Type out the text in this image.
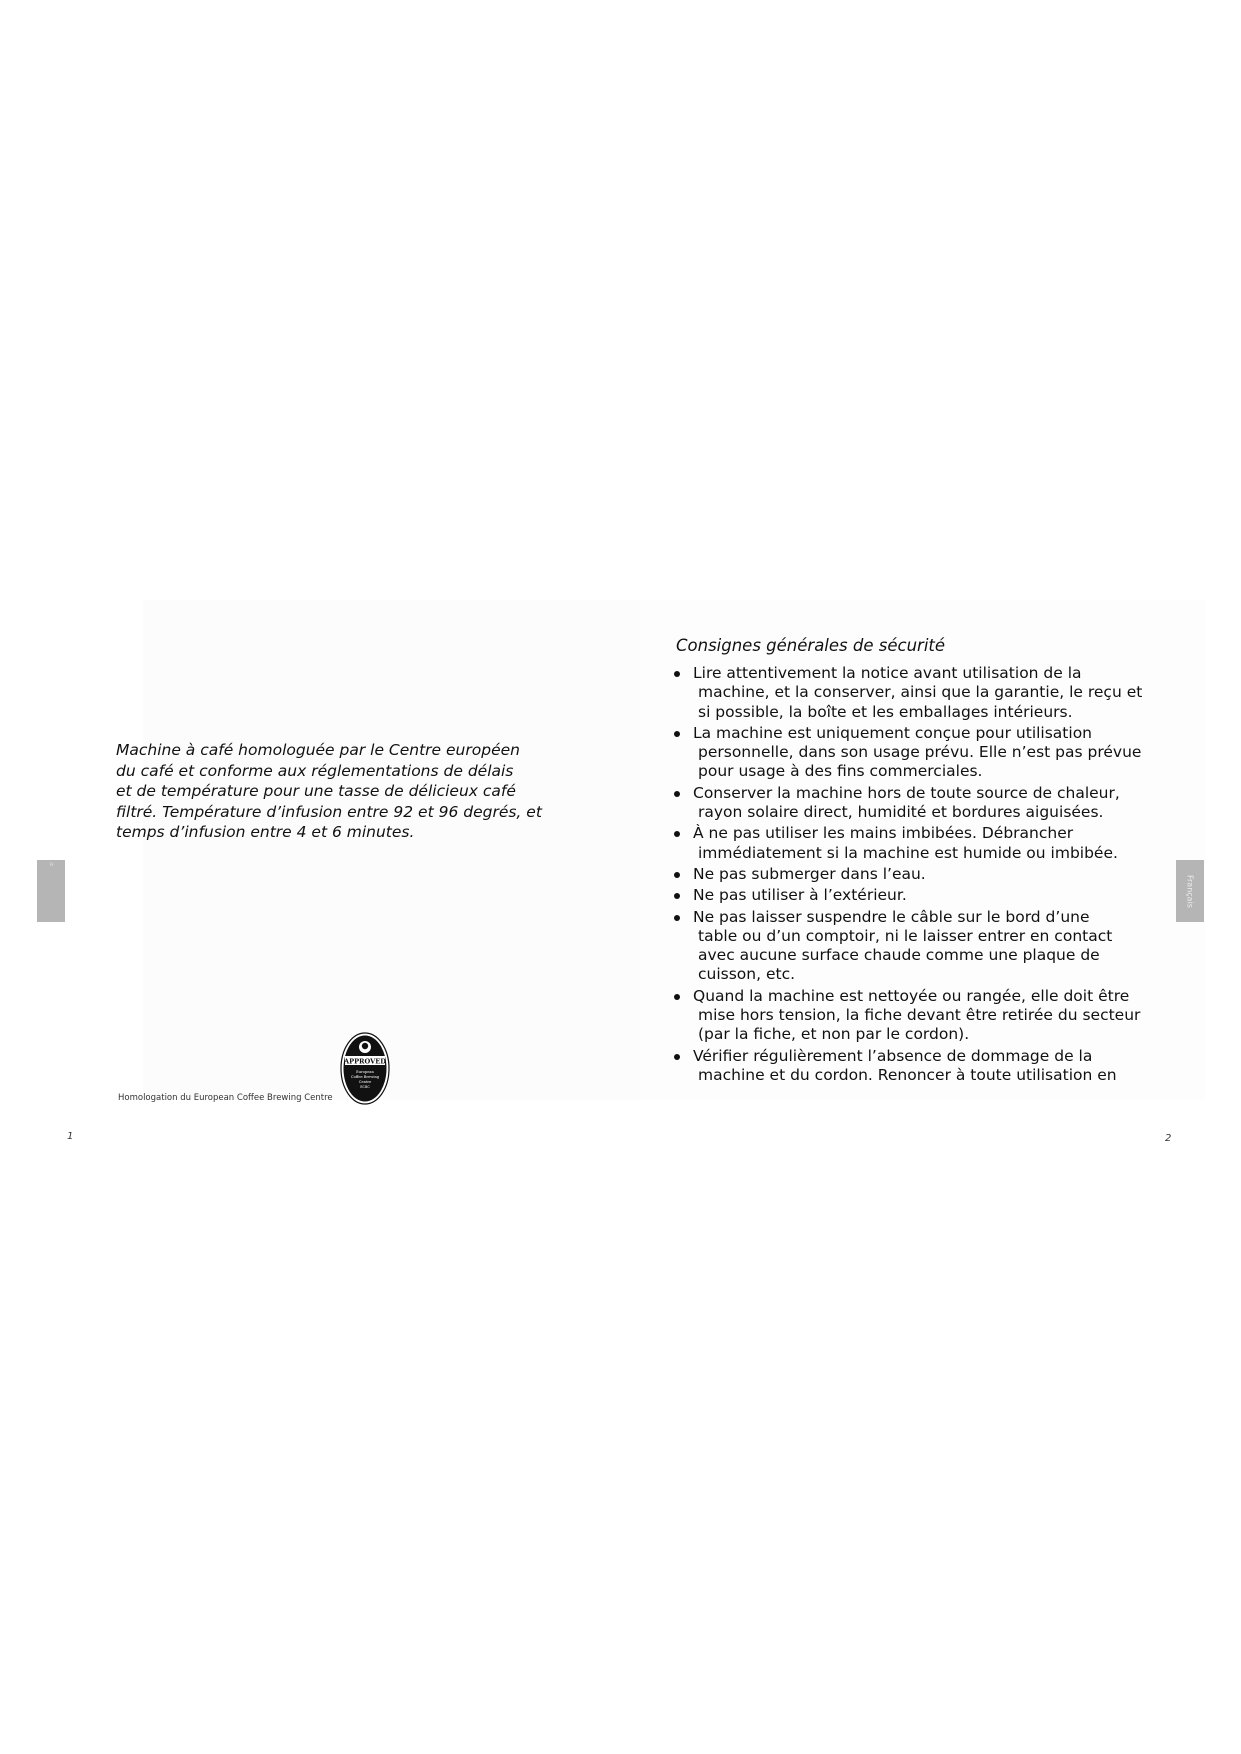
Machine à café homologuée par le Centre européen
du café et conforme aux réglementations de délais
et de température pour une tasse de délicieux café
filtré. Température d’infusion entre 92 et 96 degrés, et
temps d’infusion entre 4 et 6 minutes.
Homologation du European Coffee Brewing Centre
APPROVED
European
Coffee Brewing
Centre
ECBC
Fr
1
Consignes générales de sécurité
Lire attentivement la notice avant utilisation de la
machine, et la conserver, ainsi que la garantie, le reçu et
si possible, la boîte et les emballages intérieurs.
La machine est uniquement conçue pour utilisation
personnelle, dans son usage prévu. Elle n’est pas prévue
pour usage à des fins commerciales.
Conserver la machine hors de toute source de chaleur,
rayon solaire direct, humidité et bordures aiguisées.
À ne pas utiliser les mains imbibées. Débrancher
immédiatement si la machine est humide ou imbibée.
Ne pas submerger dans l’eau.
Ne pas utiliser à l’extérieur.
Ne pas laisser suspendre le câble sur le bord d’une
table ou d’un comptoir, ni le laisser entrer en contact
avec aucune surface chaude comme une plaque de
cuisson, etc.
Quand la machine est nettoyée ou rangée, elle doit être
mise hors tension, la fiche devant être retirée du secteur
(par la fiche, et non par le cordon).
Vérifier régulièrement l’absence de dommage de la
machine et du cordon. Renoncer à toute utilisation en
Français
2
